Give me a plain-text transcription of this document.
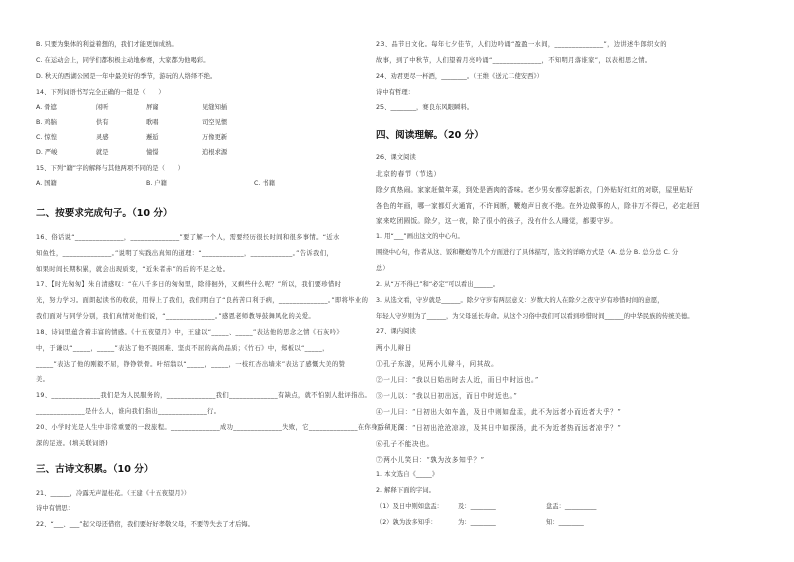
B. 只要为集体的利益着想的，我们才能更加成熟。
C. 在运动会上，同学们都积极主动地参赛，大家都为他喝彩。
D. 秋天的西湖公园是一年中最美好的季节，游玩的人络绎不绝。
14、下列词语书写完全正确的一组是（　　）
A. 骨遮	闲听	屏窿	见缝知插
B. 鸡脑	供有	歌唱	司空见惯
C. 惊惶	灵感	邂逅	万像更新
D. 严峻	就是	憧憬	追根求源
15、下列“籍”字的解释与其他两项不同的是（　　）
A. 国籍	B. 户籍	C. 书籍
二、按要求完成句子。（10 分）
16、俗话说“______________，______________”要了解一个人，需要经历很长时间和很多事情。“近水
知鱼性，______________。”说明了实践出真知的道理：“____________，____________。”告诉我们，
如果时间长期积累，就会出现质变，“近朱者赤”的后的不足之处。
17、【时光匆匆】朱自清感叹：“在八千多日的匆匆里，除徘徊外，又剩些什么呢？”所以，我们要珍惜时
光，努力学习。面朗起读书的收获，用得上了我们，我们明白了“良药苦口利于病，______________。”即将毕业的
我们面对与同学分别，我们真情对他们说，“______________。”感恩老师教导鼓舞风化的关爱。
18、诗词里蕴含着丰富的情感。《十五夜望月》中，王建以“_____、_____”表达他的思念之情《石灰吟》
中，于谦以“_____，_____”表达了他不畏困难、坚贞不屈的高尚品质；《竹石》中，郑板以“_____，
_____”表达了他的刚毅不屈，铮铮铁骨。叶绍翁以“_____，_____，一枝红杏出墙来”表达了感慨大美的赞
美。
19、______________我们是为人民服务的，______________我们______________有缺点，就不怕别人批评指出。
______________是什么人，谁向我们指出______________行。
20、小学时光是人生中非常重要的一段旅程。______________成功______________失败，它______________在你身后留下深
深的足迹。(填关联词语)
三、古诗文积累。（10 分）
21、______，冷露无声湿桂花。（王建《十五夜望月》）
诗中有情思：
22、“___、___”起父母还借宿，我们要好好孝敬父母，不要等失去了才后悔。
23、品节日文化。每年七夕佳节，人们边吟诵“盈盈一水间，______________”，边讲述牛郎织女的
故事，到了中秋节，人们望着月亮吟诵“______________，不知明月落谁家”，以表相思之情。
24、劝君更尽一杯酒，________。（王维《送元二使安西》）
诗中有哲理：
25、________，赛良东风眼瞬料。
四、阅读理解。（20 分）
26、课文阅读
北京的春节（节选）
除夕真热闹。家家赶做年菜，到处是酒肉的香味。老少男女都穿起新衣，门外贴好红红的对联，屋里贴好
各色的年画，哪一家都灯火通宵，不许间断，鞭炮声日夜不绝。在外边做事的人，除非万不得已，必定赶回
家来吃团圆饭。除夕，这一夜，除了很小的孩子，没有什么人睡觉，都要守岁。
1. 用“___”画出这文的中心句。
围绕中心句，作者从这、饭和鞭炮等几个方面进行了具体描写，选文的详略方式是（A. 总分 B. 总分总 C. 分
总）
2. 从“万不得已”和“必定”可以看出______。
3. 从选文看，守岁就是______。除夕守岁有两层意义：岁数大的人在除夕之夜守岁有珍惜时间的意愿，
年轻人守岁则为了______，为父母延长寿命。从这个习俗中我们可以看到珍惜时间______的中华民族的传统美德。
27、课内阅读
两小儿辩日
①孔子东游，见两小儿辩斗，问其故。
②一儿曰：“我以日始出时去人近，而日中时远也。”
③一儿以：“我以日初出远，而日中时近也。”
④一儿曰：“日初出大如车盖，及日中则如盘盂，此不为远者小而近者大乎？”
⑤一儿曰：“日初出沧沧凉凉，及其日中如探汤，此不为近者热而远者凉乎？”
⑥孔子不能决也。
⑦两小儿笑曰：“孰为汝多知乎？”
1. 本文选自《_____》
2. 解释下面的字词。
（1）及日中则如盘盂： 及：________	盘盂：__________
（2）孰为汝多知乎：	为：________	知：________
